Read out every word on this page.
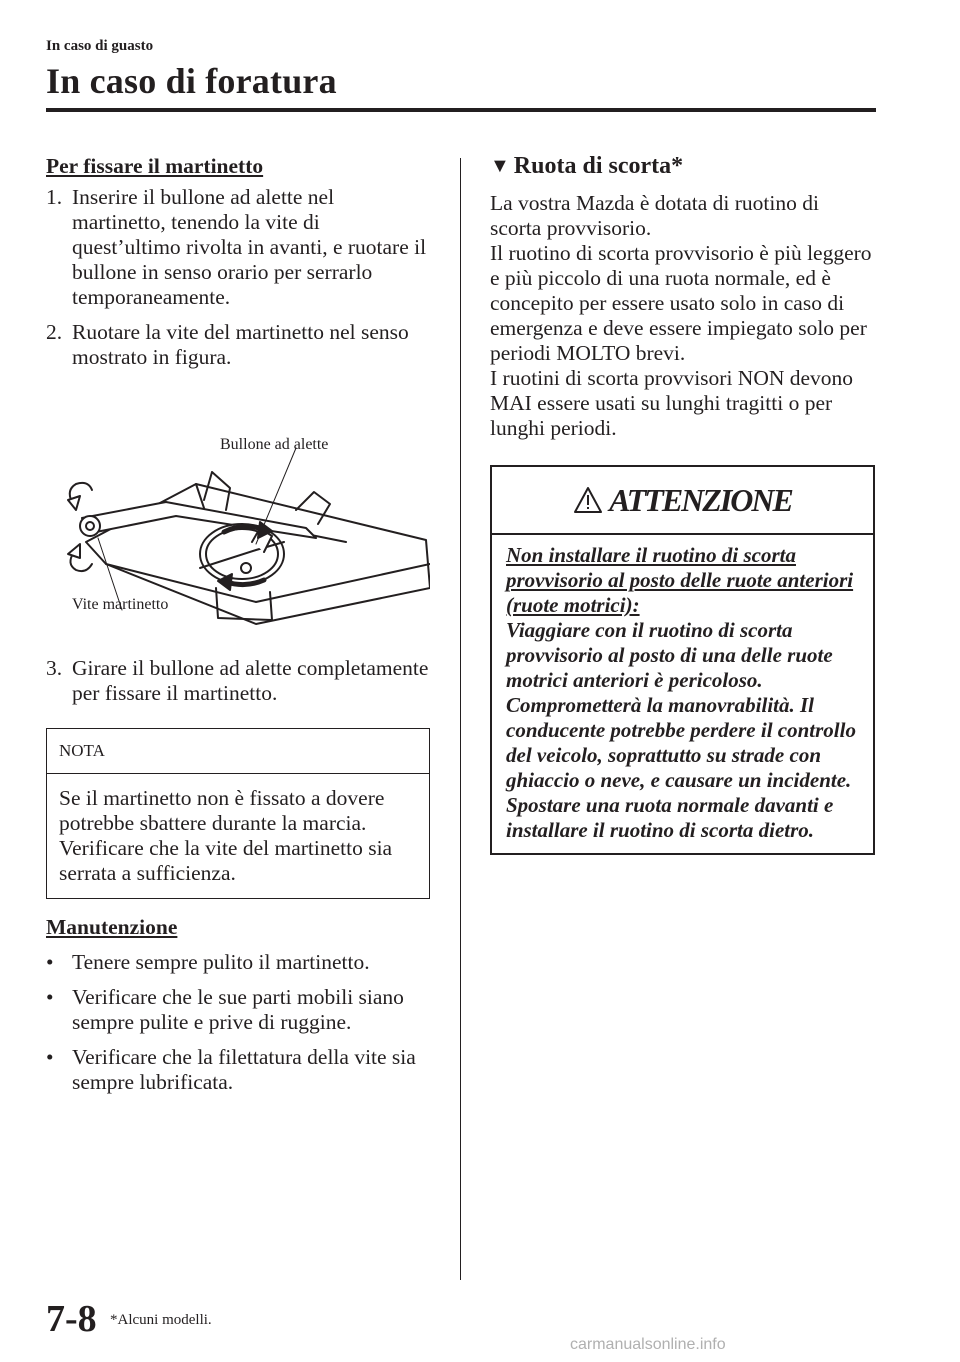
In caso di guasto
In caso di foratura
Per fissare il martinetto
1. Inserire il bullone ad alette nel martinetto, tenendo la vite di quest’ultimo rivolta in avanti, e ruotare il bullone in senso orario per serrarlo temporaneamente.
2. Ruotare la vite del martinetto nel senso mostrato in figura.
Bullone ad alette
Vite martinetto
3. Girare il bullone ad alette completamente per fissare il martinetto.
NOTA
Se il martinetto non è fissato a dovere potrebbe sbattere durante la marcia. Verificare che la vite del martinetto sia serrata a sufficienza.
Manutenzione
• Tenere sempre pulito il martinetto.
• Verificare che le sue parti mobili siano sempre pulite e prive di ruggine.
• Verificare che la filettatura della vite sia sempre lubrificata.
▼ Ruota di scorta*
La vostra Mazda è dotata di ruotino di scorta provvisorio.
Il ruotino di scorta provvisorio è più leggero e più piccolo di una ruota normale, ed è concepito per essere usato solo in caso di emergenza e deve essere impiegato solo per periodi MOLTO brevi.
I ruotini di scorta provvisori NON devono MAI essere usati su lunghi tragitti o per lunghi periodi.
ATTENZIONE
Non installare il ruotino di scorta provvisorio al posto delle ruote anteriori (ruote motrici):
Viaggiare con il ruotino di scorta provvisorio al posto di una delle ruote motrici anteriori è pericoloso. Comprometterà la manovrabilità. Il conducente potrebbe perdere il controllo del veicolo, soprattutto su strade con ghiaccio o neve, e causare un incidente. Spostare una ruota normale davanti e installare il ruotino di scorta dietro.
7-8 *Alcuni modelli.
carmanualsonline.info
